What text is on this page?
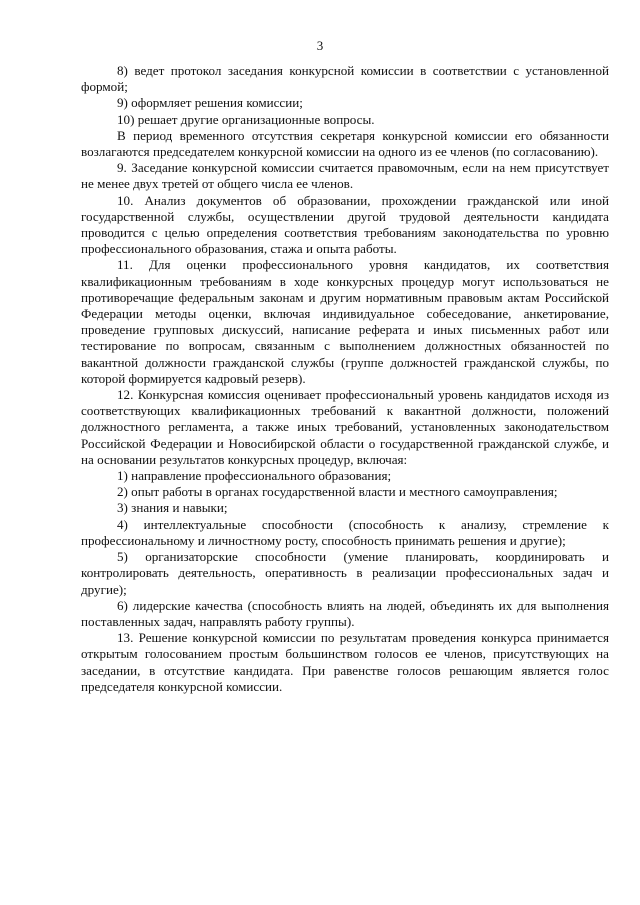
3

8) ведет протокол заседания конкурсной комиссии в соответствии с установленной формой;

9) оформляет решения комиссии;

10) решает другие организационные вопросы.

В период временного отсутствия секретаря конкурсной комиссии его обязанности возлагаются председателем конкурсной комиссии на одного из ее членов (по согласованию).

9. Заседание конкурсной комиссии считается правомочным, если на нем присутствует не менее двух третей от общего числа ее членов.

10. Анализ документов об образовании, прохождении гражданской или иной государственной службы, осуществлении другой трудовой деятельности кандидата проводится с целью определения соответствия требованиям законодательства по уровню профессионального образования, стажа и опыта работы.

11. Для оценки профессионального уровня кандидатов, их соответствия квалификационным требованиям в ходе конкурсных процедур могут использоваться не противоречащие федеральным законам и другим нормативным правовым актам Российской Федерации методы оценки, включая индивидуальное собеседование, анкетирование, проведение групповых дискуссий, написание реферата и иных письменных работ или тестирование по вопросам, связанным с выполнением должностных обязанностей по вакантной должности гражданской службы (группе должностей гражданской службы, по которой формируется кадровый резерв).

12. Конкурсная комиссия оценивает профессиональный уровень кандидатов исходя из соответствующих квалификационных требований к вакантной должности, положений должностного регламента, а также иных требований, установленных законодательством Российской Федерации и Новосибирской области о государственной гражданской службе, и на основании результатов конкурсных процедур, включая:

1) направление профессионального образования;

2) опыт работы в органах государственной власти и местного самоуправления;

3) знания и навыки;

4) интеллектуальные способности (способность к анализу, стремление к профессиональному и личностному росту, способность принимать решения и другие);

5) организаторские способности (умение планировать, координировать и контролировать деятельность, оперативность в реализации профессиональных задач и другие);

6) лидерские качества (способность влиять на людей, объединять их для выполнения поставленных задач, направлять работу группы).

13. Решение конкурсной комиссии по результатам проведения конкурса принимается открытым голосованием простым большинством голосов ее членов, присутствующих на заседании, в отсутствие кандидата. При равенстве голосов решающим является голос председателя конкурсной комиссии.
